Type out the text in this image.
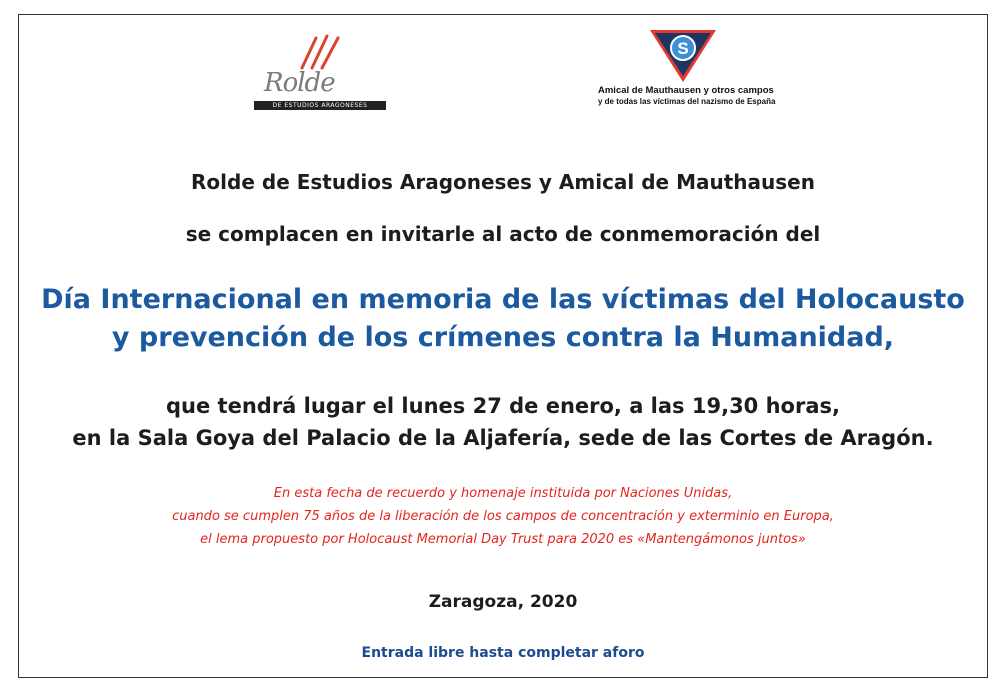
Rolde
DE ESTUDIOS ARAGONESES
S
Amical de Mauthausen y otros campos
y de todas las víctimas del nazismo de España
Rolde de Estudios Aragoneses y Amical de Mauthausen
se complacen en invitarle al acto de conmemoración del
Día Internacional en memoria de las víctimas del Holocausto
y prevención de los crímenes contra la Humanidad,
que tendrá lugar el lunes 27 de enero, a las 19,30 horas,
en la Sala Goya del Palacio de la Aljafería, sede de las Cortes de Aragón.
En esta fecha de recuerdo y homenaje instituida por Naciones Unidas,
cuando se cumplen 75 años de la liberación de los campos de concentración y exterminio en Europa,
el lema propuesto por Holocaust Memorial Day Trust para 2020 es «Mantengámonos juntos»
Zaragoza, 2020
Entrada libre hasta completar aforo
